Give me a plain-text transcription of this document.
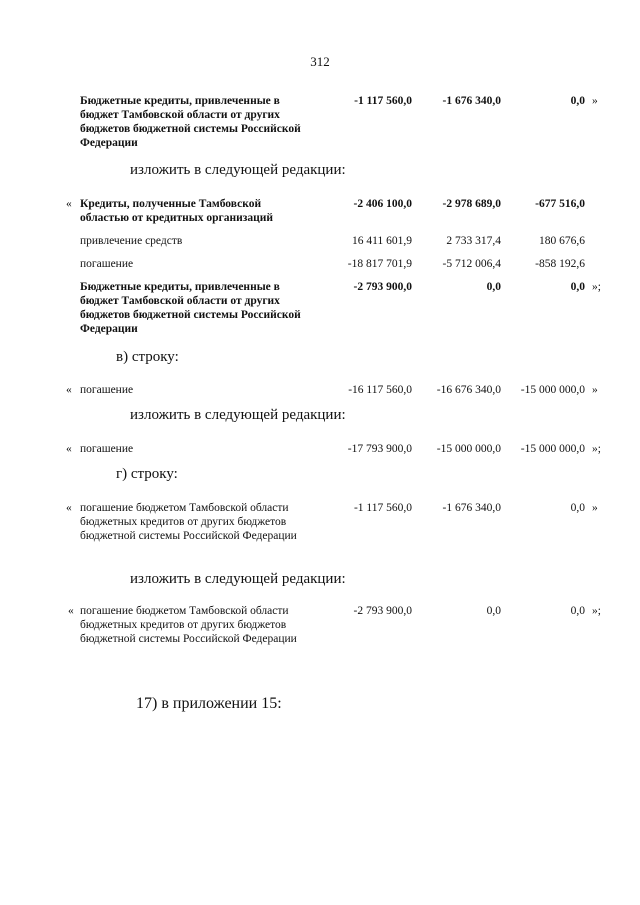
312
Бюджетные кредиты, привлеченные в бюджет Тамбовской области от других бюджетов бюджетной системы Российской Федерации
-1 117 560,0	-1 676 340,0	0,0 »
изложить в следующей редакции:
« Кредиты, полученные Тамбовской областью от кредитных организаций
-2 406 100,0	-2 978 689,0	-677 516,0
привлечение средств	16 411 601,9	2 733 317,4	180 676,6
погашение	-18 817 701,9	-5 712 006,4	-858 192,6
Бюджетные кредиты, привлеченные в бюджет Тамбовской области от других бюджетов бюджетной системы Российской Федерации
-2 793 900,0	0,0	0,0 »;
в) строку:
« погашение	-16 117 560,0	-16 676 340,0	-15 000 000,0 »
изложить в следующей редакции:
« погашение	-17 793 900,0	-15 000 000,0	-15 000 000,0 »;
г) строку:
« погашение бюджетом Тамбовской области бюджетных кредитов от других бюджетов бюджетной системы Российской Федерации
-1 117 560,0	-1 676 340,0	0,0 »
изложить в следующей редакции:
« погашение бюджетом Тамбовской области бюджетных кредитов от других бюджетов бюджетной системы Российской Федерации
-2 793 900,0	0,0	0,0 »;
17) в приложении 15:
